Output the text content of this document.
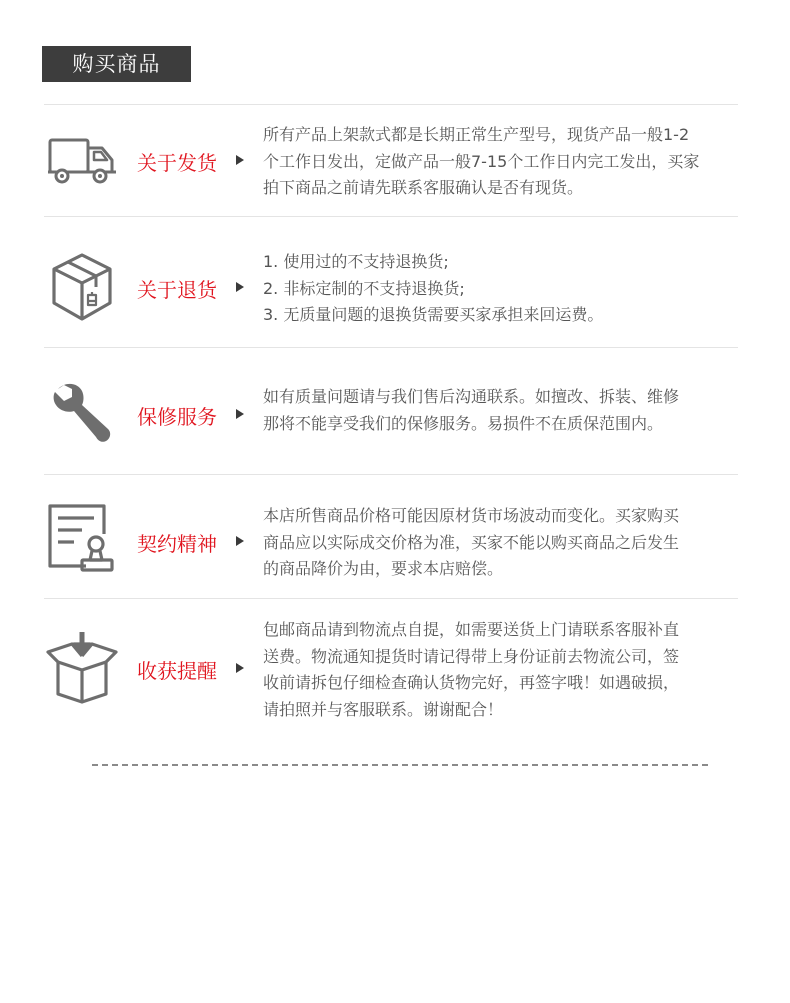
购买商品
关于发货
所有产品上架款式都是长期正常生产型号，现货产品一般1-2
个工作日发出，定做产品一般7-15个工作日内完工发出，买家
拍下商品之前请先联系客服确认是否有现货。
关于退货
1. 使用过的不支持退换货;
2. 非标定制的不支持退换货;
3. 无质量问题的退换货需要买家承担来回运费。
保修服务
如有质量问题请与我们售后沟通联系。如擅改、拆装、维修
那将不能享受我们的保修服务。易损件不在质保范围内。
契约精神
本店所售商品价格可能因原材货市场波动而变化。买家购买
商品应以实际成交价格为准，买家不能以购买商品之后发生
的商品降价为由，要求本店赔偿。
收获提醒
包邮商品请到物流点自提，如需要送货上门请联系客服补直
送费。物流通知提货时请记得带上身份证前去物流公司，签
收前请拆包仔细检查确认货物完好，再签字哦！如遇破损，
请拍照并与客服联系。谢谢配合！
